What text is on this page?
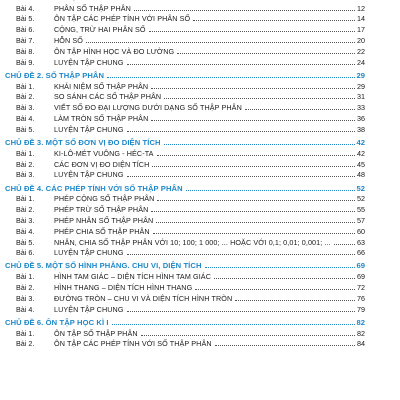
Bài 4.	PHÂN SỐ THẬP PHÂN	12
Bài 5.	ÔN TẬP CÁC PHÉP TÍNH VỚI PHÂN SỐ	14
Bài 6.	CỘNG, TRỪ HAI PHÂN SỐ	17
Bài 7.	HỖN SỐ	20
Bài 8.	ÔN TẬP HÌNH HỌC VÀ ĐO LƯỜNG	22
Bài 9.	LUYỆN TẬP CHUNG	24
CHỦ ĐỀ 2. SỐ THẬP PHÂN	29
Bài 1.	KHÁI NIỆM SỐ THẬP PHÂN	29
Bài 2.	SO SÁNH CÁC SỐ THẬP PHÂN	31
Bài 3.	VIẾT SỐ ĐO ĐẠI LƯỢNG DƯỚI DẠNG SỐ THẬP PHÂN	33
Bài 4.	LÀM TRÒN SỐ THẬP PHÂN	36
Bài 5.	LUYỆN TẬP CHUNG	38
CHỦ ĐỀ 3. MỘT SỐ ĐƠN VỊ ĐO DIỆN TÍCH	42
Bài 1.	KI-LÔ-MÉT VUÔNG - HÉC-TA	42
Bài 2.	CÁC ĐƠN VỊ ĐO DIỆN TÍCH	45
Bài 3.	LUYỆN TẬP CHUNG	48
CHỦ ĐỀ 4. CÁC PHÉP TÍNH VỚI SỐ THẬP PHÂN	52
Bài 1.	PHÉP CỘNG SỐ THẬP PHÂN	52
Bài 2.	PHÉP TRỪ SỐ THẬP PHÂN	55
Bài 3.	PHÉP NHÂN SỐ THẬP PHÂN	57
Bài 4.	PHÉP CHIA SỐ THẬP PHÂN	60
Bài 5.	NHÂN, CHIA SỐ THẬP PHÂN VỚI 10; 100; 1 000; ... HOẶC VỚI 0,1; 0,01; 0,001; ...	63
Bài 6.	LUYỆN TẬP CHUNG	66
CHỦ ĐỀ 5. MỘT SỐ HÌNH PHẲNG. CHU VI, DIỆN TÍCH	69
Bài 1.	HÌNH TAM GIÁC – DIỆN TÍCH HÌNH TAM GIÁC	69
Bài 2.	HÌNH THANG – DIỆN TÍCH HÌNH THANG	72
Bài 3.	ĐƯỜNG TRÒN – CHU VI VÀ DIỆN TÍCH HÌNH TRÒN	76
Bài 4.	LUYỆN TẬP CHUNG	79
CHỦ ĐỀ 6. ÔN TẬP HỌC KÌ I	82
Bài 1.	ÔN TẬP SỐ THẬP PHÂN	82
Bài 2.	ÔN TẬP CÁC PHÉP TÍNH VỚI SỐ THẬP PHÂN	84
